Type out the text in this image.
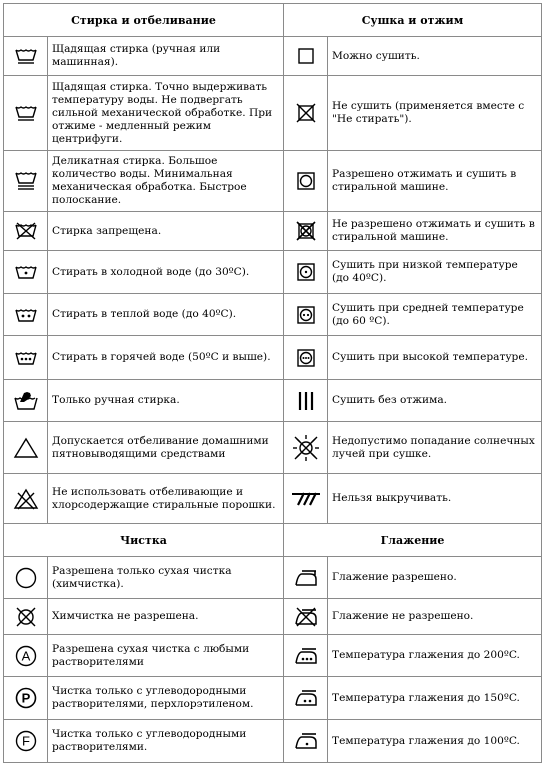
Стирка и отбеливание		Сушка и отжим	

	Щадящая стирка (ручная или машинная).		Можно сушить.

	Щадящая стирка. Точно выдерживать температуру воды. Не подвергать сильной механической обработке. При отжиме - медленный режим центрифуги.		Не сушить (применяется вместе с "Не стирать").

	Деликатная стирка. Большое количество воды. Минимальная механическая обработка. Быстрое полоскание.		Разрешено отжимать и сушить в стиральной машине.

	Стирка запрещена.		Не разрешено отжимать и сушить в стиральной машине.

	Стирать в холодной воде (до 30ºC).		Сушить при низкой температуре (до 40ºC).

	Стирать в теплой воде (до 40ºC).		Сушить при средней температуре (до 60 ºC).

	Стирать в горячей воде (50ºC и выше).		Сушить при высокой температуре.

	Только ручная стирка.		Сушить без отжима.

	Допускается отбеливание домашними пятновыводящими средствами		Недопустимо попадание солнечных лучей при сушке.

	Не использовать отбеливающие и хлорсодержащие стиральные порошки.		Нельзя выкручивать.
Чистка		Глажение	

	Разрешена только сухая чистка (химчистка).		Глажение разрешено.

	Химчистка не разрешена.		Глажение не разрешено.

A	Разрешена сухая чистка с любыми растворителями		Температура глажения до 200ºC.

P	Чистка только с углеводородными растворителями, перхлорэтиленом.		Температура глажения до 150ºC.

F	Чистка только с углеводородными растворителями.		Температура глажения до 100ºC.
